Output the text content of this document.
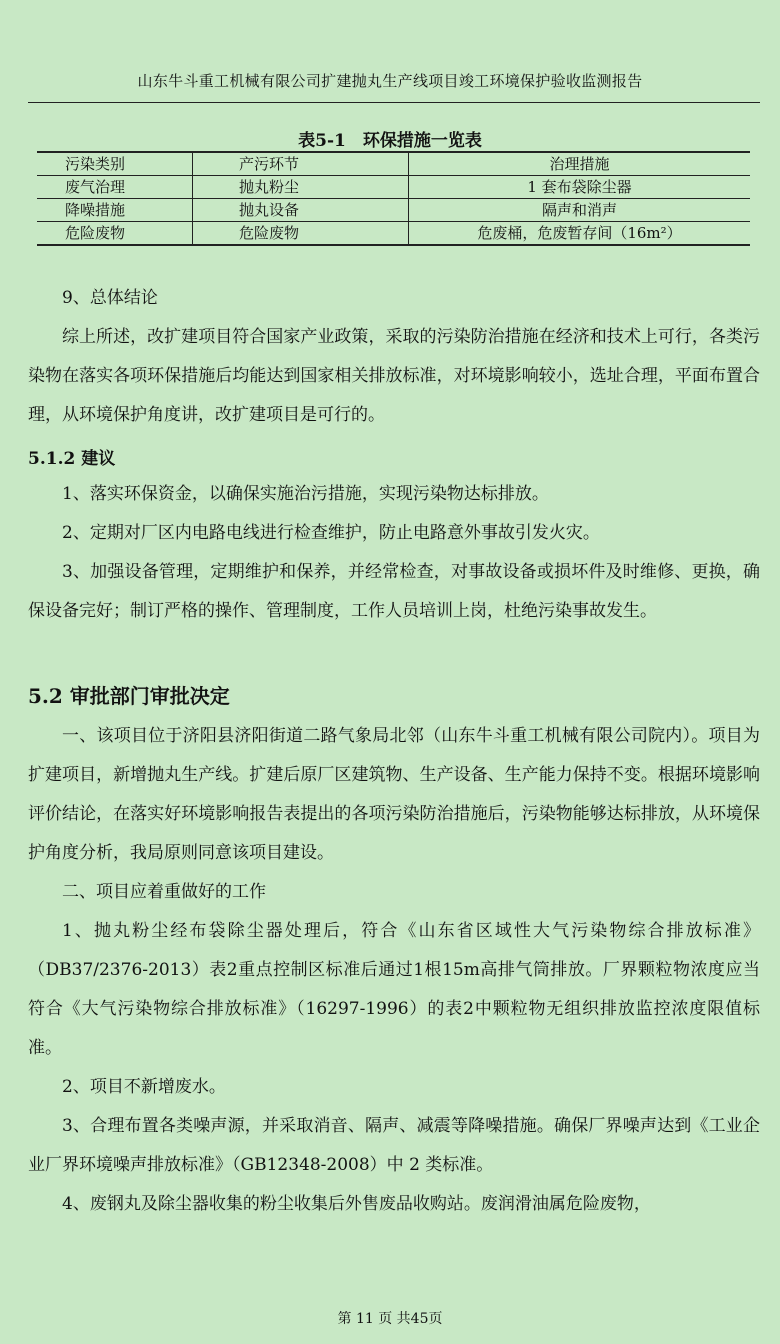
山东牛斗重工机械有限公司扩建抛丸生产线项目竣工环境保护验收监测报告
表5-1　环保措施一览表
污染类别	产污环节	治理措施
废气治理	抛丸粉尘	1 套布袋除尘器
降噪措施	抛丸设备	隔声和消声
危险废物	危险废物	危废桶，危废暂存间（16m²）

9、总体结论

综上所述，改扩建项目符合国家产业政策，采取的污染防治措施在经济和技术上可行，各类污染物在落实各项环保措施后均能达到国家相关排放标准，对环境影响较小，选址合理，平面布置合理，从环境保护角度讲，改扩建项目是可行的。

5.1.2 建议

1、落实环保资金，以确保实施治污措施，实现污染物达标排放。

2、定期对厂区内电路电线进行检查维护，防止电路意外事故引发火灾。

3、加强设备管理，定期维护和保养，并经常检查，对事故设备或损坏件及时维修、更换，确保设备完好；制订严格的操作、管理制度，工作人员培训上岗，杜绝污染事故发生。

5.2 审批部门审批决定

一、该项目位于济阳县济阳街道二路气象局北邻（山东牛斗重工机械有限公司院内）。项目为扩建项目，新增抛丸生产线。扩建后原厂区建筑物、生产设备、生产能力保持不变。根据环境影响评价结论，在落实好环境影响报告表提出的各项污染防治措施后，污染物能够达标排放，从环境保护角度分析，我局原则同意该项目建设。

二、项目应着重做好的工作

1、抛丸粉尘经布袋除尘器处理后，符合《山东省区域性大气污染物综合排放标准》（DB37/2376-2013）表2重点控制区标准后通过1根15m高排气筒排放。厂界颗粒物浓度应当符合《大气污染物综合排放标准》（16297-1996）的表2中颗粒物无组织排放监控浓度限值标准。

2、项目不新增废水。

3、合理布置各类噪声源，并采取消音、隔声、减震等降噪措施。确保厂界噪声达到《工业企业厂界环境噪声排放标准》（GB12348-2008）中 2 类标准。

4、废钢丸及除尘器收集的粉尘收集后外售废品收购站。废润滑油属危险废物，

第 11 页 共45页
